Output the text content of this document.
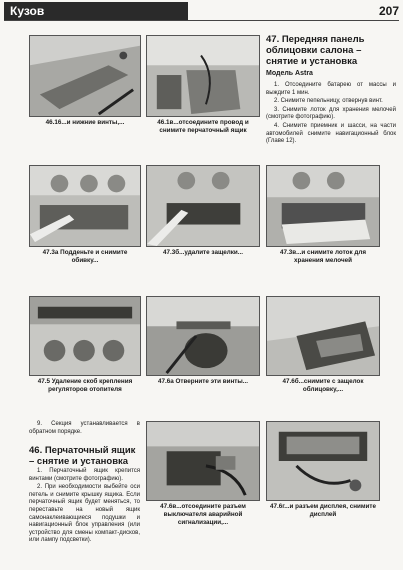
Кузов	207
46.16...и нижние винты,...	46.1в...отсоедините провод и снимите перчаточный ящик
47. Передняя панель облицовки салона – снятие и установка
Модель Astra

1. Отсоедините батарею от массы и выждите 1 мин.

2. Снимите пепельницу, отвернув винт.

3. Снимите лоток для хранения мелочей (смотрите фотографию).

4. Снимите приемник и шасси, на части автомобилей снимите навигационный блок (Главе 12).

47.3а Подденьте и снимите обивку...
47.3б...удалите защелки...	47.3в...и снимите лоток для хранения мелочей
47.5 Удаление скоб крепления регуляторов отопителя
47.6а Отверните эти винты...	47.6б...снимите с защелок облицовку,...

9. Секция устанавливается в обратном порядке.

46. Перчаточный ящик – снятие и установка

1. Перчаточный ящик крепится винтами (смотрите фотографию).

2. При необходимости выбейте оси петель и снимите крышку ящика. Если перчаточный ящик будет меняться, то переставьте на новый ящик самонаклеивающиеся подушки и навигационный блок управления (или устройство для смены компакт-дисков, или лампу подсветки).

47.6в...отсоедините разъем выключателя аварийной сигнализации,...
47.6г...и разъем дисплея, снимите дисплей
